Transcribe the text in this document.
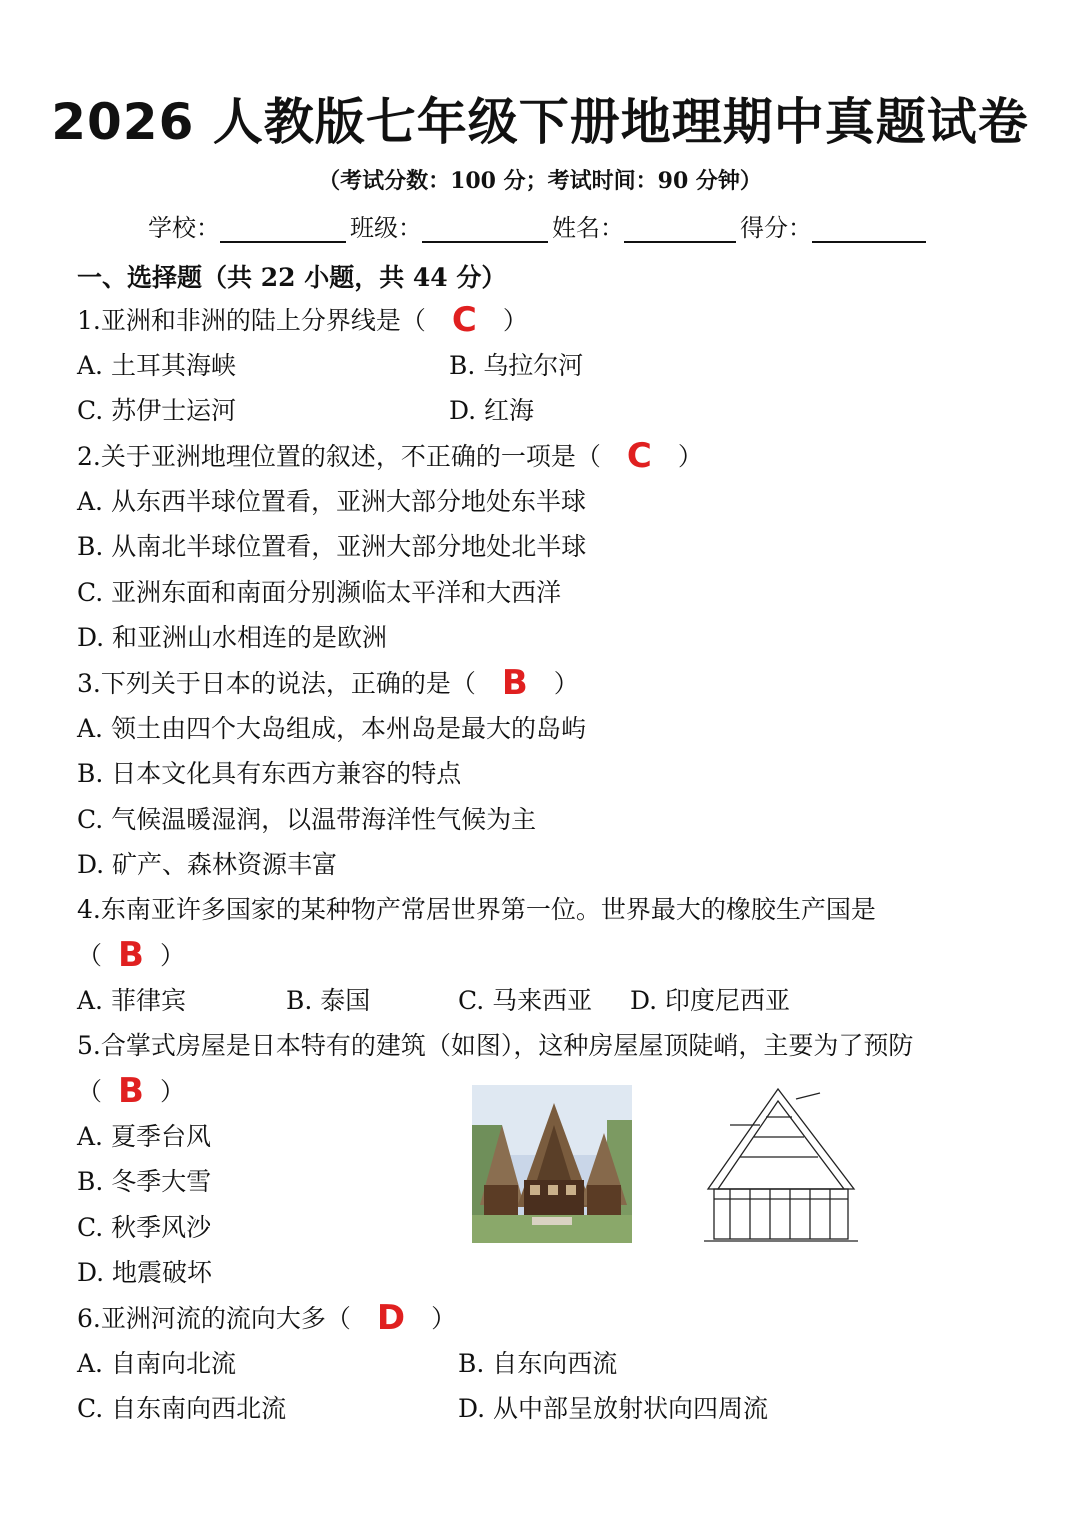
2026 人教版七年级下册地理期中真题试卷
（考试分数：100 分；考试时间：90 分钟）
学校：	班级：	姓名：	得分：
一、选择题（共 22 小题，共 44 分）
1.亚洲和非洲的陆上分界线是（ C ）
A. 土耳其海峡	B. 乌拉尔河
C. 苏伊士运河	D. 红海
2.关于亚洲地理位置的叙述，不正确的一项是（ C ）
A. 从东西半球位置看，亚洲大部分地处东半球
B. 从南北半球位置看，亚洲大部分地处北半球
C. 亚洲东面和南面分别濒临太平洋和大西洋
D. 和亚洲山水相连的是欧洲
3.下列关于日本的说法，正确的是（ B ）
A. 领土由四个大岛组成，本州岛是最大的岛屿
B. 日本文化具有东西方兼容的特点
C. 气候温暖湿润，以温带海洋性气候为主
D. 矿产、森林资源丰富
4.东南亚许多国家的某种物产常居世界第一位。世界最大的橡胶生产国是
（ B ）
A. 菲律宾	B. 泰国	C. 马来西亚 D. 印度尼西亚
5.合掌式房屋是日本特有的建筑（如图），这种房屋屋顶陡峭，主要为了预防
（ B ）
A. 夏季台风
B. 冬季大雪
C. 秋季风沙
D. 地震破坏
6.亚洲河流的流向大多（ D ）
A. 自南向北流	B. 自东向西流
C. 自东南向西北流	D. 从中部呈放射状向四周流
